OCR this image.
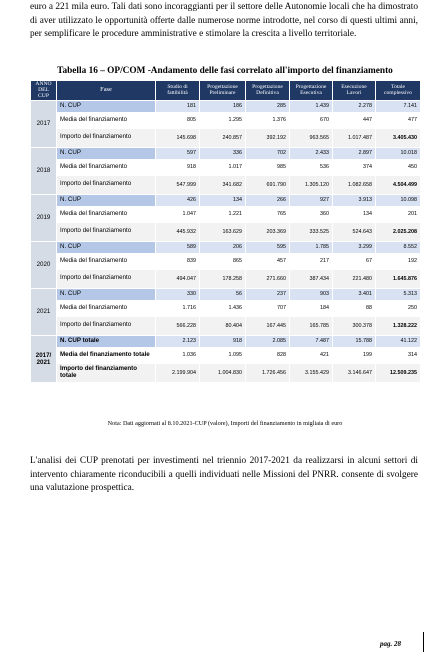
euro a 221 mila euro. Tali dati sono incoraggianti per il settore delle Autonomie locali che ha dimostrato di aver utilizzato le opportunità offerte dalle numerose norme introdotte, nel corso di questi ultimi anni, per semplificare le procedure amministrative e stimolare la crescita a livello territoriale.

Tabella 16 – OP/COM -Andamento delle fasi correlato all'importo del finanziamento
ANNO DEL CUP	Fase	Studio di fattibilità	Progettazione Preliminare	Progettazione Definitiva	Progettazione Esecutiva	Esecuzione Lavori	Totale complessivo
2017	N. CUP	181	186	285	1.439	2.278	7.141
	Media del finanziamento	805	1.295	1.376	670	447	477
	Importo del finanziamento	145.698	240.857	392.192	963.565	1.017.487	3.405.430
2018	N. CUP	597	336	702	2.433	2.897	10.018
	Media del finanziamento	918	1.017	985	536	374	450
	Importo del finanziamento	547.999	341.682	691.790	1.305.120	1.082.658	4.504.499
2019	N. CUP	426	134	266	927	3.913	10.098
	Media del finanziamento	1.047	1.221	765	360	134	201
	Importo del finanziamento	445.932	163.629	203.369	333.525	524.643	2.025.208
2020	N. CUP	589	206	595	1.785	3.299	8.552
	Media del finanziamento	839	865	457	217	67	192
	Importo del finanziamento	494.047	178.258	271.660	387.434	221.480	1.645.876
2021	N. CUP	330	56	237	903	3.401	5.313
	Media del finanziamento	1.716	1.436	707	184	88	250
	Importo del finanziamento	566.228	80.404	167.445	165.785	300.378	1.328.222
2017/ 2021	N. CUP totale	2.123	918	2.085	7.487	15.788	41.122
	Media del finanziamento totale	1.036	1.095	828	421	199	314
	Importo del finanziamento totale	2.199.904	1.004.830	1.726.456	3.155.429	3.146.647	12.509.235
Nota: Dati aggiornati al 8.10.2021-CUP (valore), Importi del finanziamento in migliaia di euro

L'analisi dei CUP prenotati per investimenti nel triennio 2017-2021 da realizzarsi in alcuni settori di intervento chiaramente riconducibili a quelli individuati nelle Missioni del PNRR. consente di svolgere una valutazione prospettica.

pag. 28
